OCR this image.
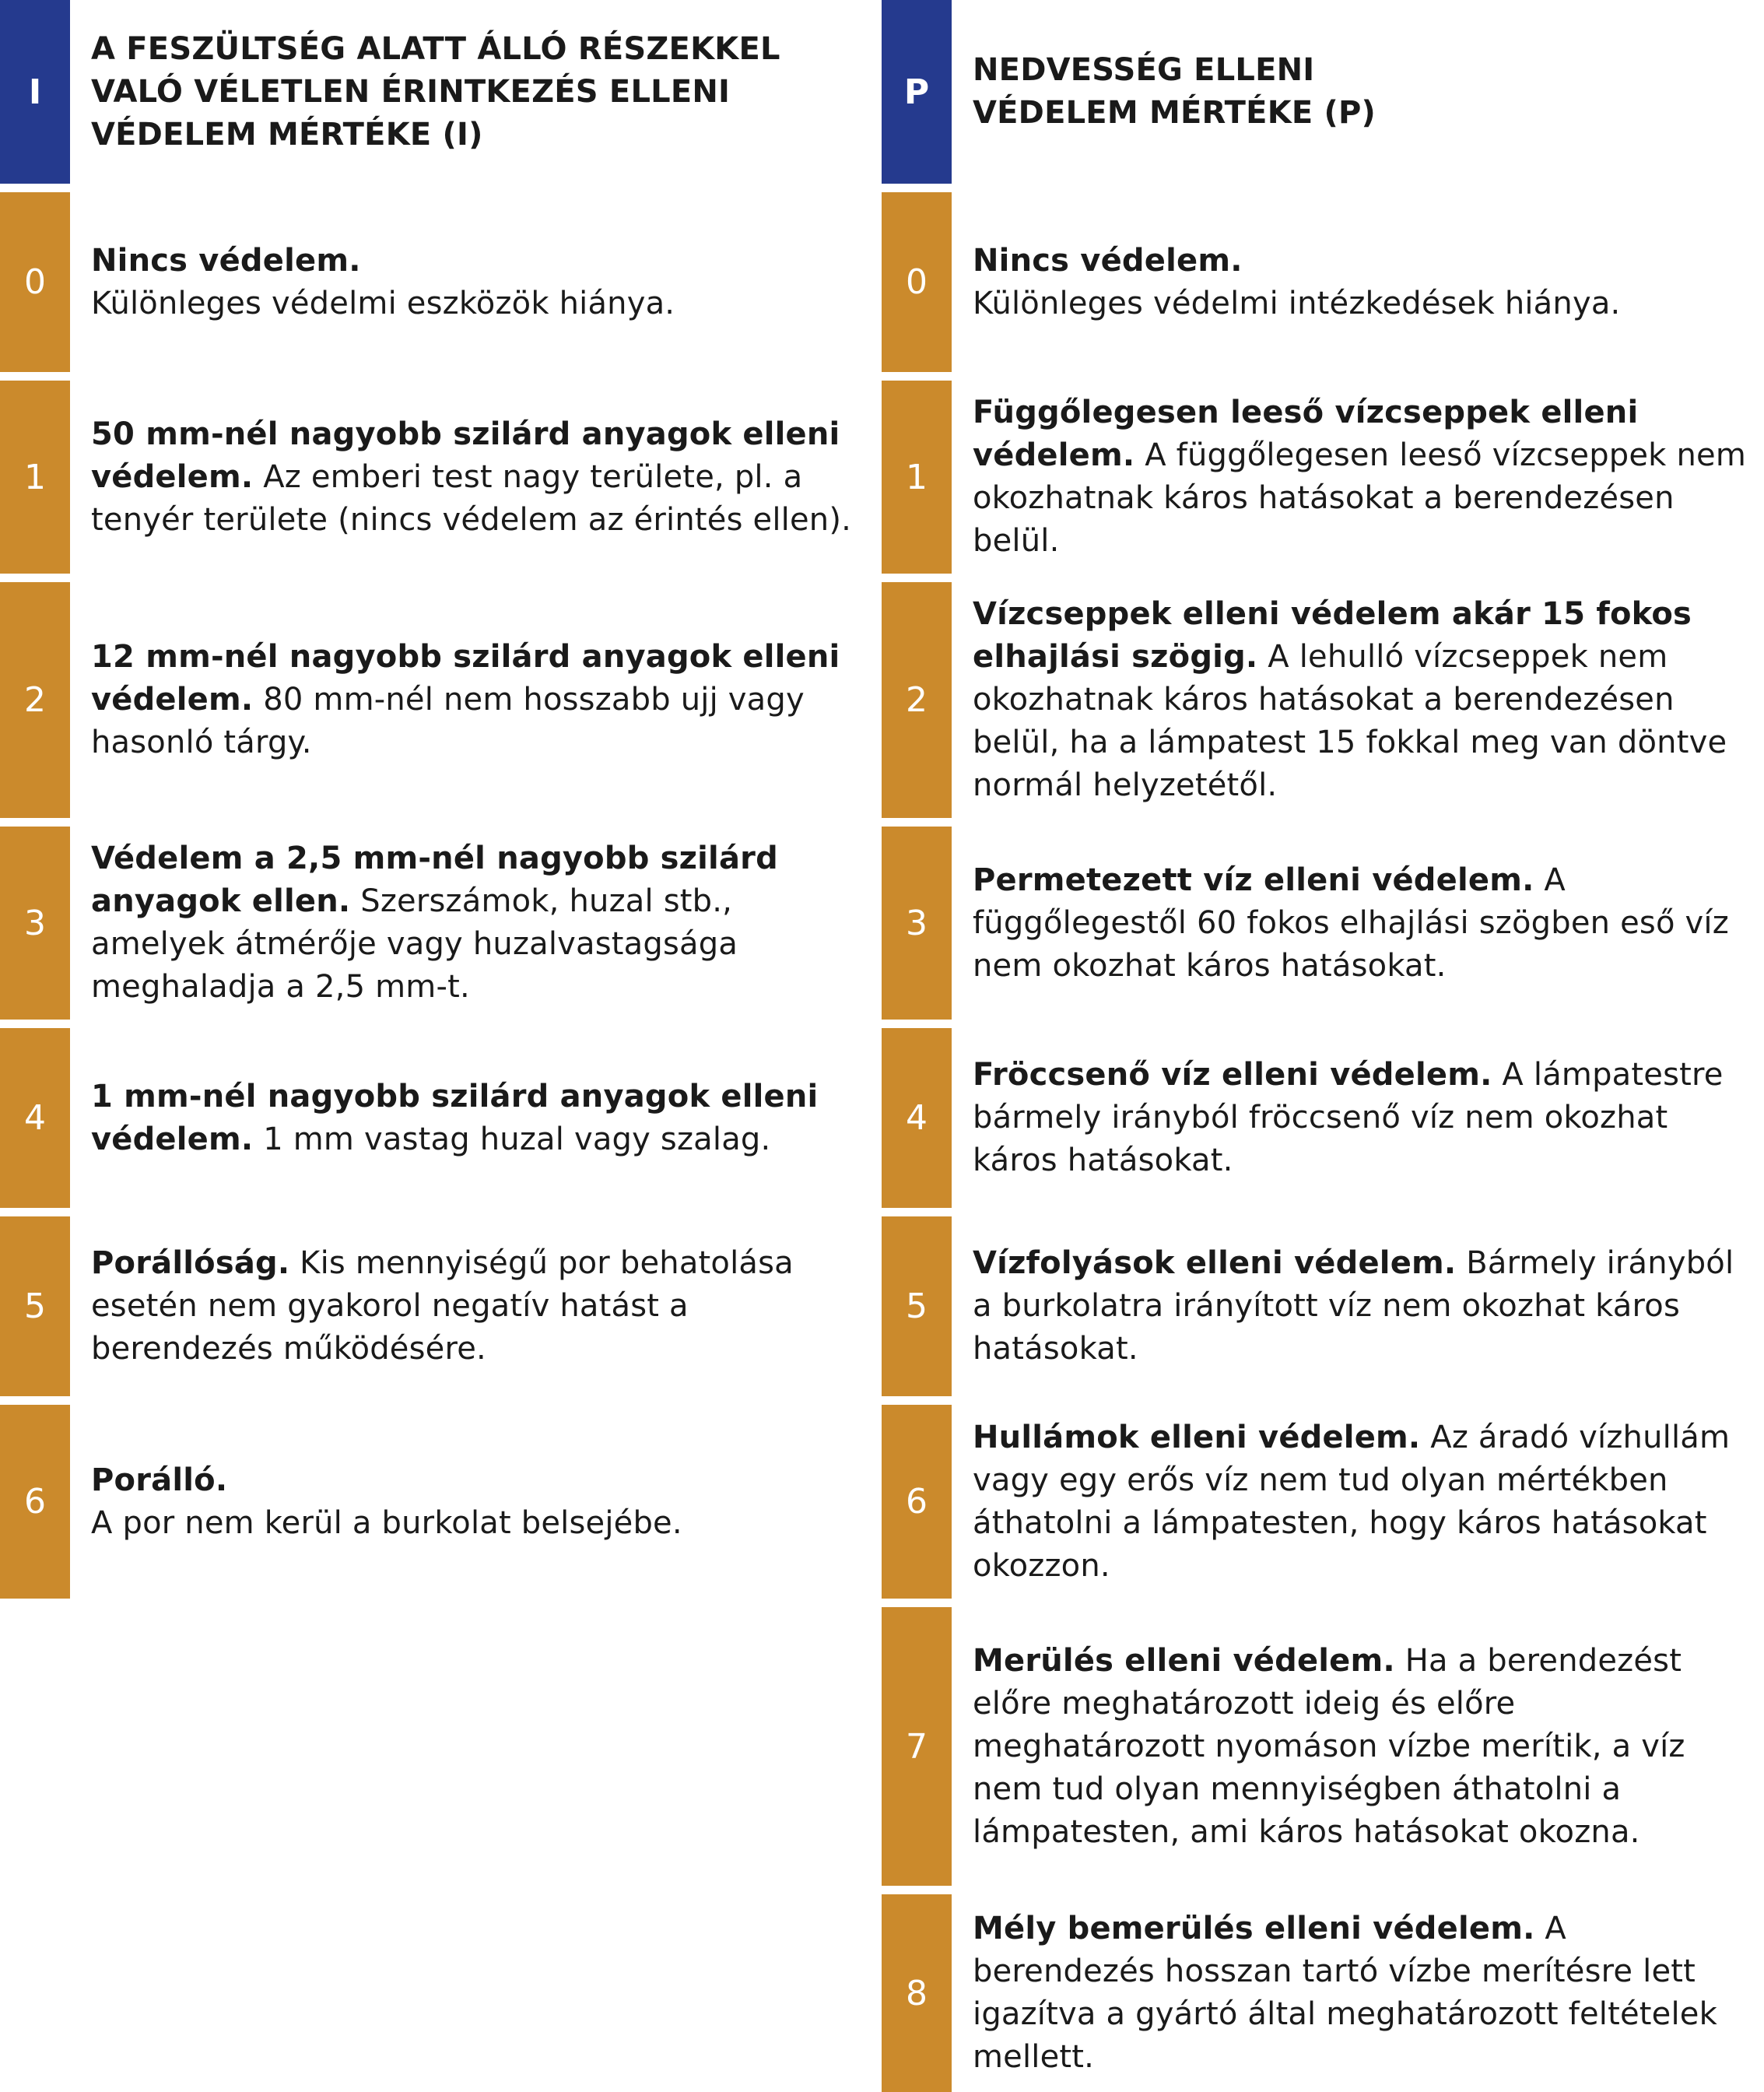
I
A FESZÜLTSÉG ALATT ÁLLÓ RÉSZEKKEL VALÓ VÉLETLEN ÉRINTKEZÉS ELLENI VÉDELEM MÉRTÉKE (I)
0
Nincs védelem.
Különleges védelmi eszközök hiánya.
1
50 mm-nél nagyobb szilárd anyagok elleni védelem. Az emberi test nagy területe, pl. a tenyér területe (nincs védelem az érintés ellen).
2
12 mm-nél nagyobb szilárd anyagok elleni védelem. 80 mm-nél nem hosszabb ujj vagy hasonló tárgy.
3
Védelem a 2,5 mm-nél nagyobb szilárd anyagok ellen. Szerszámok, huzal stb., amelyek átmérője vagy huzalvastagsága meghaladja a 2,5 mm-t.
4
1 mm-nél nagyobb szilárd anyagok elleni védelem. 1 mm vastag huzal vagy szalag.
5
Porállóság. Kis mennyiségű por behatolása esetén nem gyakorol negatív hatást a berendezés működésére.
6
Porálló.
A por nem kerül a burkolat belsejébe.
P
NEDVESSÉG ELLENI VÉDELEM MÉRTÉKE (P)
0
Nincs védelem.
Különleges védelmi intézkedések hiánya.
1
Függőlegesen leeső vízcseppek elleni védelem. A függőlegesen leeső vízcseppek nem okozhatnak káros hatásokat a berendezésen belül.
2
Vízcseppek elleni védelem akár 15 fokos elhajlási szögig. A lehulló vízcseppek nem okozhatnak káros hatásokat a berendezésen belül, ha a lámpatest 15 fokkal meg van döntve normál helyzetétől.
3
Permetezett víz elleni védelem. A függőlegestől 60 fokos elhajlási szögben eső víz nem okozhat káros hatásokat.
4
Fröccsenő víz elleni védelem. A lámpatestre bármely irányból fröccsenő víz nem okozhat káros hatásokat.
5
Vízfolyások elleni védelem. Bármely irányból a burkolatra irányított víz nem okozhat káros hatásokat.
6
Hullámok elleni védelem. Az áradó vízhullám vagy egy erős víz nem tud olyan mértékben áthatolni a lámpatesten, hogy káros hatásokat okozzon.
7
Merülés elleni védelem. Ha a berendezést előre meghatározott ideig és előre meghatározott nyomáson vízbe merítik, a víz nem tud olyan mennyiségben áthatolni a lámpatesten, ami káros hatásokat okozna.
8
Mély bemerülés elleni védelem. A berendezés hosszan tartó vízbe merítésre lett igazítva a gyártó által meghatározott feltételek mellett.
